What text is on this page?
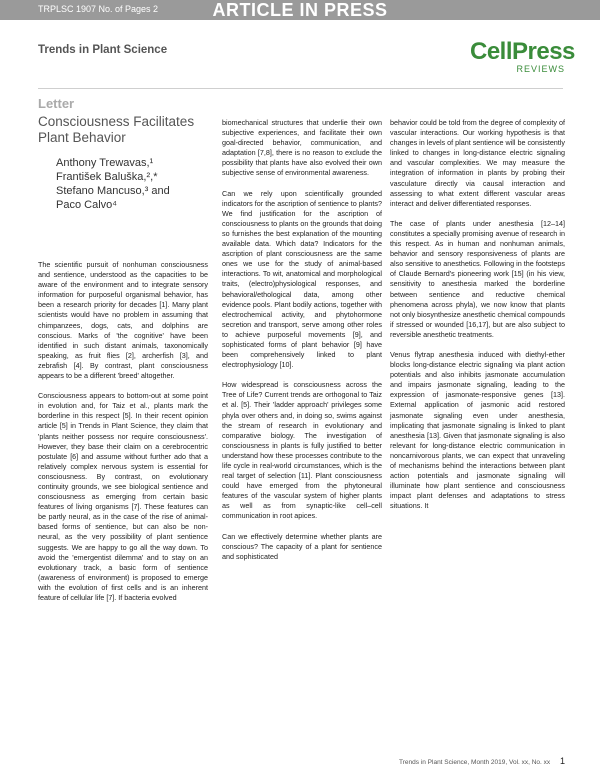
TRPLSC 1907 No. of Pages 2	ARTICLE IN PRESS
Trends in Plant Science	CellPress
REVIEWS
Letter
Consciousness Facilitates Plant Behavior
Anthony Trewavas,¹
František Baluška,²,*
Stefano Mancuso,³ and
Paco Calvo⁴

The scientific pursuit of nonhuman consciousness and sentience, understood as the capacities to be aware of the environment and to integrate sensory information for purposeful organismal behavior, has been a research priority for decades [1]. Many plant scientists would have no problem in assuming that chimpanzees, dogs, cats, and dolphins are conscious. Marks of 'the cognitive' have been identified in such distant animals, taxonomically speaking, as fruit flies [2], archerfish [3], and zebrafish [4]. By contrast, plant consciousness appears to be a different 'breed' altogether.

Consciousness appears to bottom-out at some point in evolution and, for Taiz et al., plants mark the borderline in this respect [5]. In their recent opinion article [5] in Trends in Plant Science, they claim that 'plants neither possess nor require consciousness'. However, they base their claim on a cerebrocentric postulate [6] and assume without further ado that a relatively complex nervous system is essential for consciousness. By contrast, on evolutionary continuity grounds, we see biological sentience and consciousness as emerging from certain basic features of living organisms [7]. These features can be partly neural, as in the case of the rise of animal-based forms of sentience, but can also be non-neural, as the very possibility of plant sentience suggests. We are happy to go all the way down. To avoid the 'emergentist dilemma' and to stay on an evolutionary track, a basic form of sentience (awareness of environment) is proposed to emerge with the evolution of first cells and is an inherent feature of cellular life [7]. If bacteria evolved

biomechanical structures that underlie their own subjective experiences, and facilitate their own goal-directed behavior, communication, and adaptation [7,8], there is no reason to exclude the possibility that plants have also evolved their own subjective sense of environmental awareness.

Can we rely upon scientifically grounded indicators for the ascription of sentience to plants? We find justification for the ascription of consciousness to plants on the grounds that doing so furnishes the best explanation of the mounting available data. Which data? Indicators for the ascription of plant consciousness are the same ones we use for the study of animal-based interactions. To wit, anatomical and morphological traits, (electro)physiological responses, and behavioral/ethological data, among other evidence pools. Plant bodily actions, together with electrochemical activity, and phytohormone secretion and transport, serve among other roles to achieve purposeful movements [9], and sophisticated forms of plant behavior [9] have been comprehensively linked to plant electrophysiology [10].

How widespread is consciousness across the Tree of Life? Current trends are orthogonal to Taiz et al. [5]. Their 'ladder approach' privileges some phyla over others and, in doing so, swims against the stream of research in evolutionary and comparative biology. The investigation of consciousness in plants is fully justified to better understand how these processes contribute to the life cycle in real-world circumstances, which is the real target of selection [11]. Plant consciousness could have emerged from the phytoneural features of the vascular system of higher plants as well as from synaptic-like cell–cell communication in root apices.

Can we effectively determine whether plants are conscious? The capacity of a plant for sentience and sophisticated

behavior could be told from the degree of complexity of vascular interactions. Our working hypothesis is that changes in levels of plant sentience will be consistently linked to changes in long-distance electric signaling and vascular complexities. We may measure the integration of information in plants by probing their vasculature directly via causal interaction and assessing to what extent different vascular areas interact and deliver differentiated responses.

The case of plants under anesthesia [12–14] constitutes a specially promising avenue of research in this respect. As in human and nonhuman animals, behavior and sensory responsiveness of plants are also sensitive to anesthetics. Following in the footsteps of Claude Bernard's pioneering work [15] (in his view, sensitivity to anesthesia marked the borderline between sentience and reductive chemical phenomena across phyla), we now know that plants not only biosynthesize anesthetic chemical compounds if stressed or wounded [16,17], but are also subject to reversible anesthetic treatments.

Venus flytrap anesthesia induced with diethyl-ether blocks long-distance electric signaling via plant action potentials and also inhibits jasmonate accumulation and impairs jasmonate signaling, leading to the expression of jasmonate-responsive genes [13]. External application of jasmonic acid restored jasmonate signaling even under anesthesia, implicating that jasmonate signaling is linked to plant anesthesia [13]. Given that jasmonate signaling is also relevant for long-distance electric communication in noncarnivorous plants, we can expect that unraveling of mechanisms behind the interactions between plant action potentials and jasmonate signaling will illuminate how plant sentience and consciousness impact plant defenses and adaptations to stress situations. It

Trends in Plant Science, Month 2019, Vol. xx, No. xx 1
